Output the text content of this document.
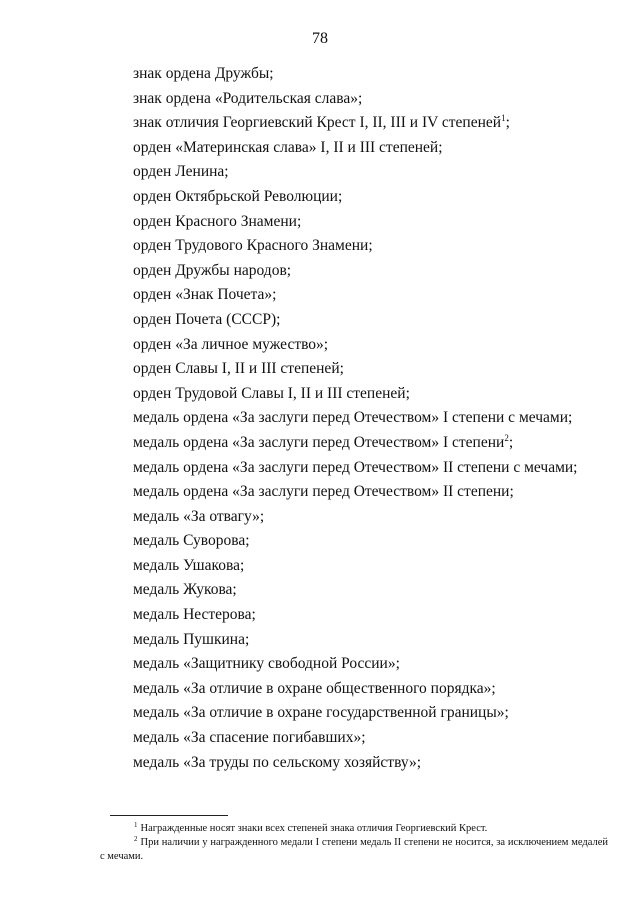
78
знак ордена Дружбы;
знак ордена «Родительская слава»;
знак отличия Георгиевский Крест I, II, III и IV степеней$^1$;
орден «Материнская слава» I, II и III степеней;
орден Ленина;
орден Октябрьской Революции;
орден Красного Знамени;
орден Трудового Красного Знамени;
орден Дружбы народов;
орден «Знак Почета»;
орден Почета (СССР);
орден «За личное мужество»;
орден Славы I, II и III степеней;
орден Трудовой Славы I, II и III степеней;
медаль ордена «За заслуги перед Отечеством» I степени с мечами;
медаль ордена «За заслуги перед Отечеством» I степени$^2$;
медаль ордена «За заслуги перед Отечеством» II степени с мечами;
медаль ордена «За заслуги перед Отечеством» II степени;
медаль «За отвагу»;
медаль Суворова;
медаль Ушакова;
медаль Жукова;
медаль Нестерова;
медаль Пушкина;
медаль «Защитнику свободной России»;
медаль «За отличие в охране общественного порядка»;
медаль «За отличие в охране государственной границы»;
медаль «За спасение погибавших»;
медаль «За труды по сельскому хозяйству»;
$^1$ Награжденные носят знаки всех степеней знака отличия Георгиевский Крест.
$^2$ При наличии у награжденного медали I степени медаль II степени не носится, за исключением медалей с мечами.
